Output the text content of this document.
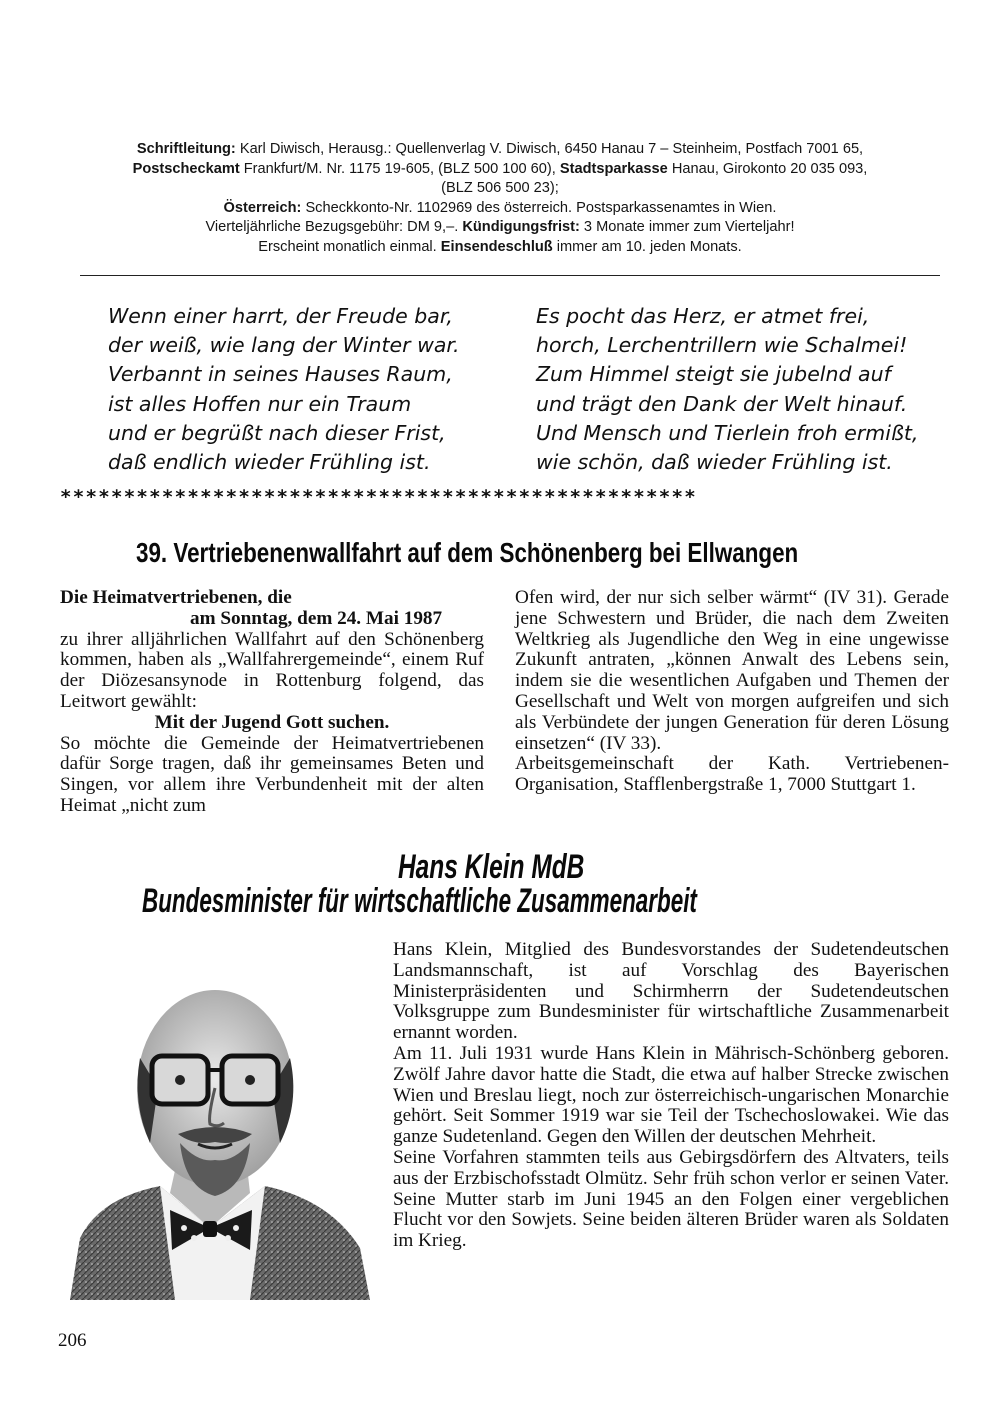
Schriftleitung: Karl Diwisch, Herausg.: Quellenverlag V. Diwisch, 6450 Hanau 7 – Steinheim, Postfach 7001 65,
Postscheckamt Frankfurt/M. Nr. 1175 19-605, (BLZ 500 100 60), Stadtsparkasse Hanau, Girokonto 20 035 093,
(BLZ 506 500 23);
Österreich: Scheckkonto-Nr. 1102969 des österreich. Postsparkassenamtes in Wien.
Vierteljährliche Bezugsgebühr: DM 9,–. Kündigungsfrist: 3 Monate immer zum Vierteljahr!
Erscheint monatlich einmal. Einsendeschluß immer am 10. jeden Monats.
Wenn einer harrt, der Freude bar,
der weiß, wie lang der Winter war.
Verbannt in seines Hauses Raum,
ist alles Hoffen nur ein Traum
und er begrüßt nach dieser Frist,
daß endlich wieder Frühling ist.
Es pocht das Herz, er atmet frei,
horch, Lerchentrillern wie Schalmei!
Zum Himmel steigt sie jubelnd auf
und trägt den Dank der Welt hinauf.
Und Mensch und Tierlein froh ermißt,
wie schön, daß wieder Frühling ist.
**************************************************
39. Vertriebenenwallfahrt auf dem Schönenberg bei Ellwangen

Die Heimatvertriebenen, die

am Sonntag, dem 24. Mai 1987

zu ihrer alljährlichen Wallfahrt auf den Schönenberg kommen, haben als „Wallfahrergemeinde“, einem Ruf der Diözesansynode in Rottenburg folgend, das Leitwort gewählt:

Mit der Jugend Gott suchen.

So möchte die Gemeinde der Heimatvertriebenen dafür Sorge tragen, daß ihr gemeinsames Beten und Singen, vor allem ihre Verbundenheit mit der alten Heimat „nicht zum

Ofen wird, der nur sich selber wärmt“ (IV 31). Gerade jene Schwestern und Brüder, die nach dem Zweiten Weltkrieg als Jugendliche den Weg in eine ungewisse Zukunft antraten, „können Anwalt des Lebens sein, indem sie die wesentlichen Aufgaben und Themen der Gesellschaft und Welt von morgen aufgreifen und sich als Verbündete der jungen Generation für deren Lösung einsetzen“ (IV 33).

Arbeitsgemeinschaft der Kath. Vertriebenen-Organisation, Stafflenbergstraße 1, 7000 Stuttgart 1.

Hans Klein MdB
Bundesminister für wirtschaftliche Zusammenarbeit

Hans Klein, Mitglied des Bundesvorstandes der Sudetendeutschen Landsmannschaft, ist auf Vorschlag des Bayerischen Ministerpräsidenten und Schirmherrn der Sudetendeutschen Volksgruppe zum Bundesminister für wirtschaftliche Zusammenarbeit ernannt worden.

Am 11. Juli 1931 wurde Hans Klein in Mährisch-Schönberg geboren. Zwölf Jahre davor hatte die Stadt, die etwa auf halber Strecke zwischen Wien und Breslau liegt, noch zur österreichisch-ungarischen Monarchie gehört. Seit Sommer 1919 war sie Teil der Tschechoslowakei. Wie das ganze Sudetenland. Gegen den Willen der deutschen Mehrheit.

Seine Vorfahren stammten teils aus Gebirgsdörfern des Altvaters, teils aus der Erzbischofsstadt Olmütz. Sehr früh schon verlor er seinen Vater. Seine Mutter starb im Juni 1945 an den Folgen einer vergeblichen Flucht vor den Sowjets. Seine beiden älteren Brüder waren als Soldaten im Krieg.

206
